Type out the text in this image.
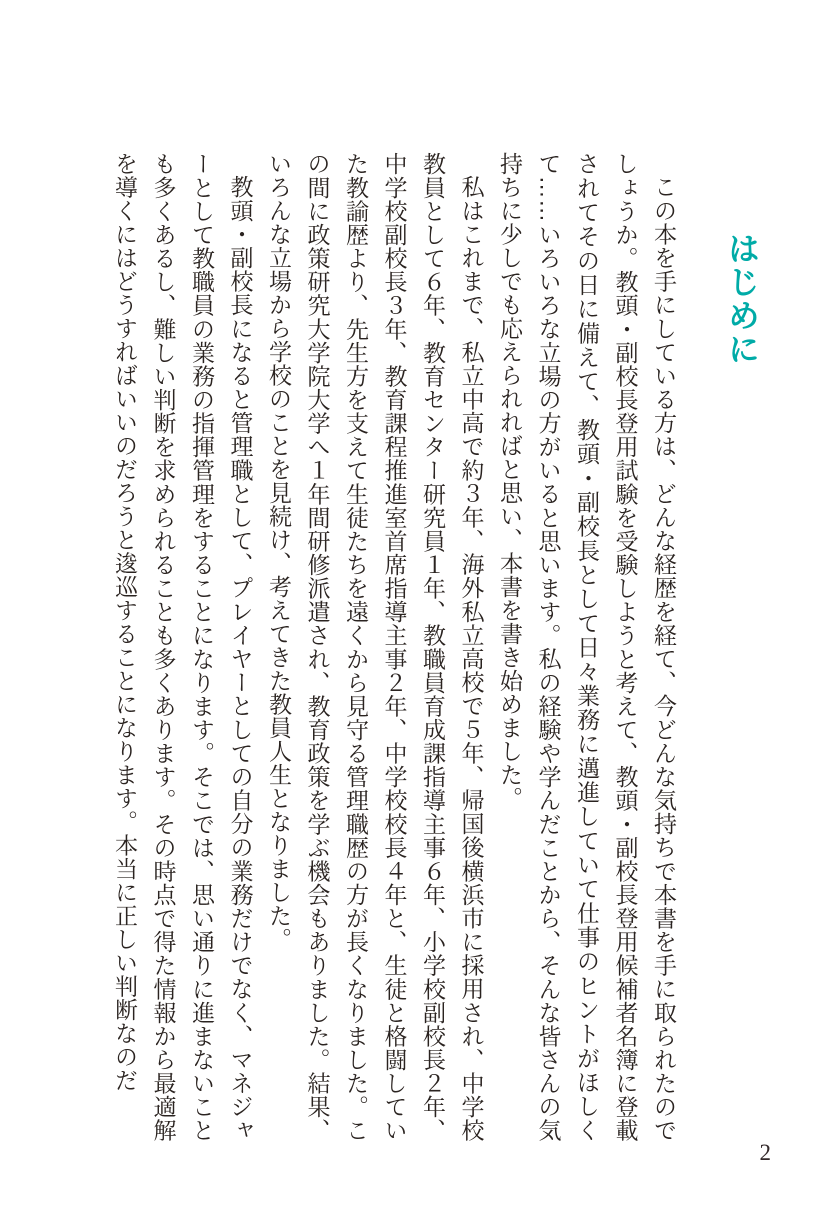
はじめに

この本を手にしている方は、どんな経歴を経て、今どんな気持ちで本書を手に取られたのでしょうか。教頭・副校長登用試験を受験しようと考えて、教頭・副校長登用候補者名簿に登載されてその日に備えて、教頭・副校長として日々業務に邁進していて仕事のヒントがほしくて……いろいろな立場の方がいると思います。私の経験や学んだことから、そんな皆さんの気持ちに少しでも応えられればと思い、本書を書き始めました。

私はこれまで、私立中高で約３年、海外私立高校で５年、帰国後横浜市に採用され、中学校教員として６年、教育センター研究員１年、教職員育成課指導主事６年、小学校副校長２年、中学校副校長３年、教育課程推進室首席指導主事２年、中学校校長４年と、生徒と格闘していた教諭歴より、先生方を支えて生徒たちを遠くから見守る管理職歴の方が長くなりました。この間に政策研究大学院大学へ１年間研修派遣され、教育政策を学ぶ機会もありました。結果、いろんな立場から学校のことを見続け、考えてきた教員人生となりました。

教頭・副校長になると管理職として、プレイヤーとしての自分の業務だけでなく、マネジャーとして教職員の業務の指揮管理をすることになります。そこでは、思い通りに進まないことも多くあるし、難しい判断を求められることも多くあります。その時点で得た情報から最適解を導くにはどうすればいいのだろうと逡巡することになります。本当に正しい判断なのだ

2
